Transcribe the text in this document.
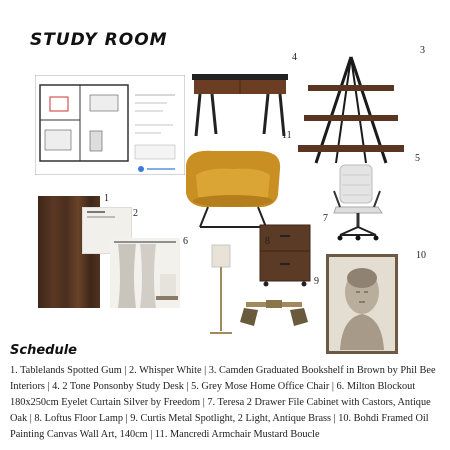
STUDY ROOM
4
3
5
11
7
1
2
6	8
9
10
Schedule
1. Tablelands Spotted Gum | 2. Whisper White | 3. Camden Graduated Bookshelf in Brown by Phil Bee Interiors | 4. 2 Tone Ponsonby Study Desk | 5. Grey Mose Home Office Chair | 6. Milton Blockout 180x250cm Eyelet Curtain Silver by Freedom | 7. Teresa 2 Drawer File Cabinet with Castors, Antique Oak | 8. Loftus Floor Lamp | 9. Curtis Metal Spotlight, 2 Light, Antique Brass | 10. Bohdi Framed Oil Painting Canvas Wall Art, 140cm | 11. Mancredi Armchair Mustard Boucle
